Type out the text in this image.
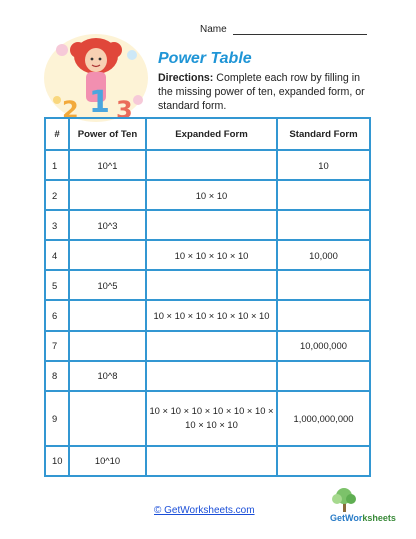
Name
2 1 3
Power Table
Directions: Complete each row by filling in the missing power of ten, expanded form, or standard form.
#	Power of Ten	Expanded Form	Standard Form
1	10^1		10
2		10 × 10	
3	10^3		
4		10 × 10 × 10 × 10	10,000
5	10^5		
6		10 × 10 × 10 × 10 × 10 × 10	
7			10,000,000
8	10^8		
9		10 × 10 × 10 × 10 × 10 × 10 × 10 × 10 × 10	1,000,000,000
10	10^10		
© GetWorksheets.com
GetWorksheets
